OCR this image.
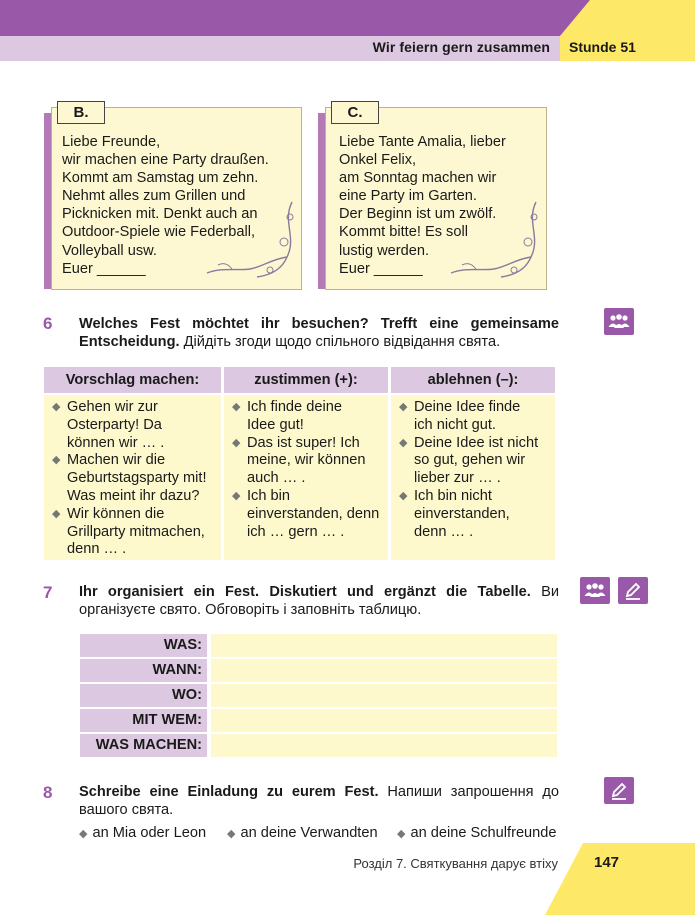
Wir feiern gern zusammen Stunde 51
B.
Liebe Freunde,
wir machen eine Party draußen.
Kommt am Samstag um zehn.
Nehmt alles zum Grillen und
Picknicken mit. Denkt auch an
Outdoor-Spiele wie Federball,
Volleyball usw.
Euer ______
C.
Liebe Tante Amalia, lieber
Onkel Felix,
am Sonntag machen wir
eine Party im Garten.
Der Beginn ist um zwölf.
Kommt bitte! Es soll
lustig werden.
Euer ______
6 Welches Fest möchtet ihr besuchen? Trefft eine gemeinsame Entscheidung. Дійдіть згоди щодо спільного відвідання свята.
Vorschlag machen:	zustimmen (+):	ablehnen (–):
◆ Gehen wir zur
Osterparty! Da
können wir … .
◆ Machen wir die
Geburtstagsparty mit!
Was meint ihr dazu?
◆ Wir können die
Grillparty mitmachen,
denn … .
◆ Ich finde deine
Idee gut!
◆ Das ist super! Ich
meine, wir können
auch … .
◆ Ich bin
einverstanden, denn
ich … gern … .
◆ Deine Idee finde
ich nicht gut.
◆ Deine Idee ist nicht
so gut, gehen wir
lieber zur … .
◆ Ich bin nicht
einverstanden,
denn … .
7 Ihr organisiert ein Fest. Diskutiert und ergänzt die Tabelle. Ви організуєте свято. Обговоріть і заповніть таблицю.
WAS:
WANN:
WO:
MIT WEM:
WAS MACHEN:
8 Schreibe eine Einladung zu eurem Fest. Напиши запрошення до вашого свята.
◆ an Mia oder Leon ◆ an deine Verwandten ◆ an deine Schulfreunde
Розділ 7. Святкування дарує втіху 147
